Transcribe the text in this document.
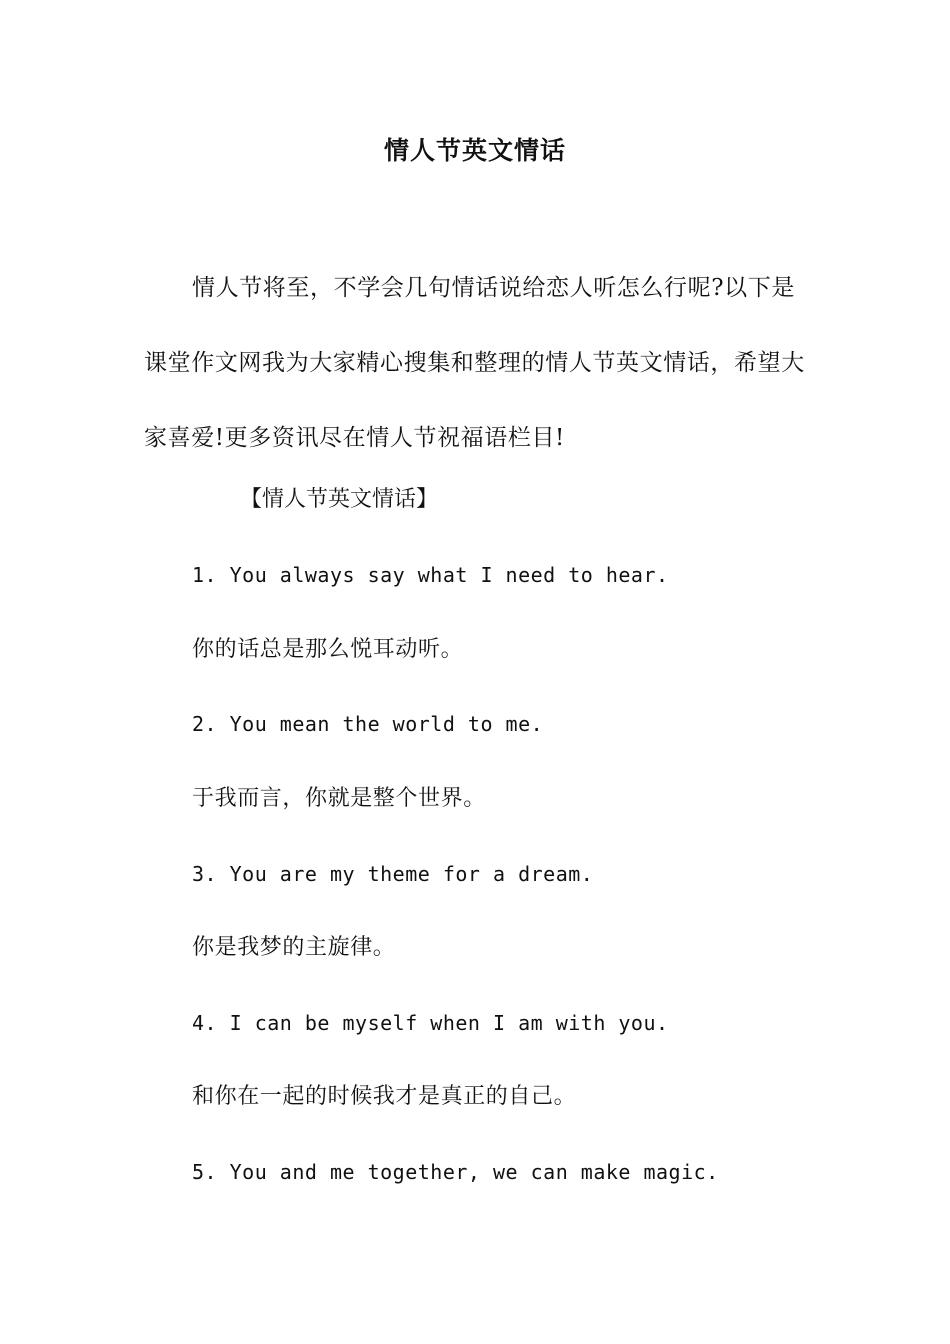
情人节英文情话

情人节将至，不学会几句情话说给恋人听怎么行呢?以下是课堂作文网我为大家精心搜集和整理的情人节英文情话，希望大家喜爱!更多资讯尽在情人节祝福语栏目!

【情人节英文情话】

1. You always say what I need to hear.

你的话总是那么悦耳动听。

2. You mean the world to me.

于我而言，你就是整个世界。

3. You are my theme for a dream.

你是我梦的主旋律。

4. I can be myself when I am with you.

和你在一起的时候我才是真正的自己。

5. You and me together, we can make magic.
